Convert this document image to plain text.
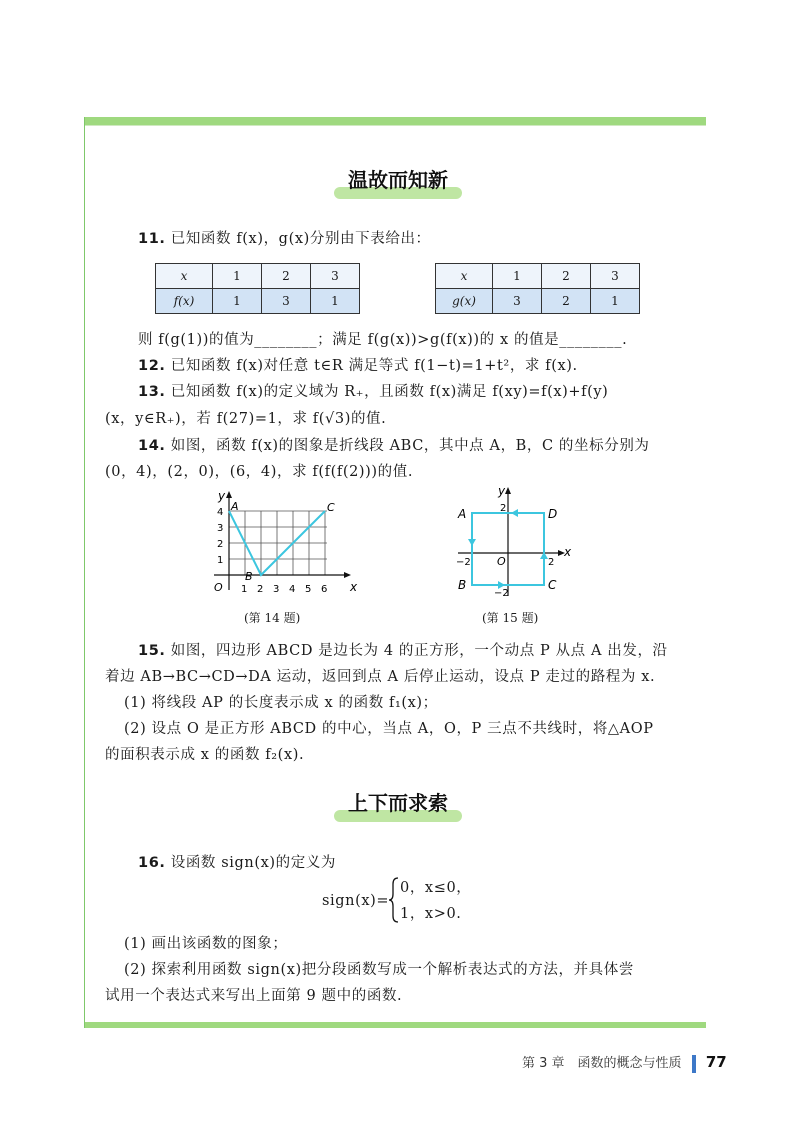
温故而知新
11. 已知函数 f(x)，g(x)分别由下表给出：
x	1	2	3
f(x)	1	3	1
x	1	2	3
g(x)	3	2	1
则 f(g(1))的值为________；满足 f(g(x))>g(f(x))的 x 的值是________.
12. 已知函数 f(x)对任意 t∈R 满足等式 f(1−t)=1+t²，求 f(x).
13. 已知函数 f(x)的定义域为 R₊，且函数 f(x)满足 f(xy)=f(x)+f(y)
(x，y∈R₊)，若 f(27)=1，求 f(√3)的值.
14. 如图，函数 f(x)的图象是折线段 ABC，其中点 A，B，C 的坐标分别为
(0，4)，(2，0)，(6，4)，求 f(f(f(2)))的值.
y
x
O 1 2 3 4 5 6
1
2
3
4 A
B
C
(第 14 题)
y
x
O	2
−2
2
−2
A
B	C
D
(第 15 题)
15. 如图，四边形 ABCD 是边长为 4 的正方形，一个动点 P 从点 A 出发，沿
着边 AB→BC→CD→DA 运动，返回到点 A 后停止运动，设点 P 走过的路程为 x.
(1) 将线段 AP 的长度表示成 x 的函数 f₁(x)；
(2) 设点 O 是正方形 ABCD 的中心，当点 A，O，P 三点不共线时，将△AOP
的面积表示成 x 的函数 f₂(x).
上下而求索
16. 设函数 sign(x)的定义为
sign(x)=
0，x≤0，
1，x>0.
(1) 画出该函数的图象；
(2) 探索利用函数 sign(x)把分段函数写成一个解析表达式的方法，并具体尝
试用一个表达式来写出上面第 9 题中的函数.
第 3 章　函数的概念与性质 77
